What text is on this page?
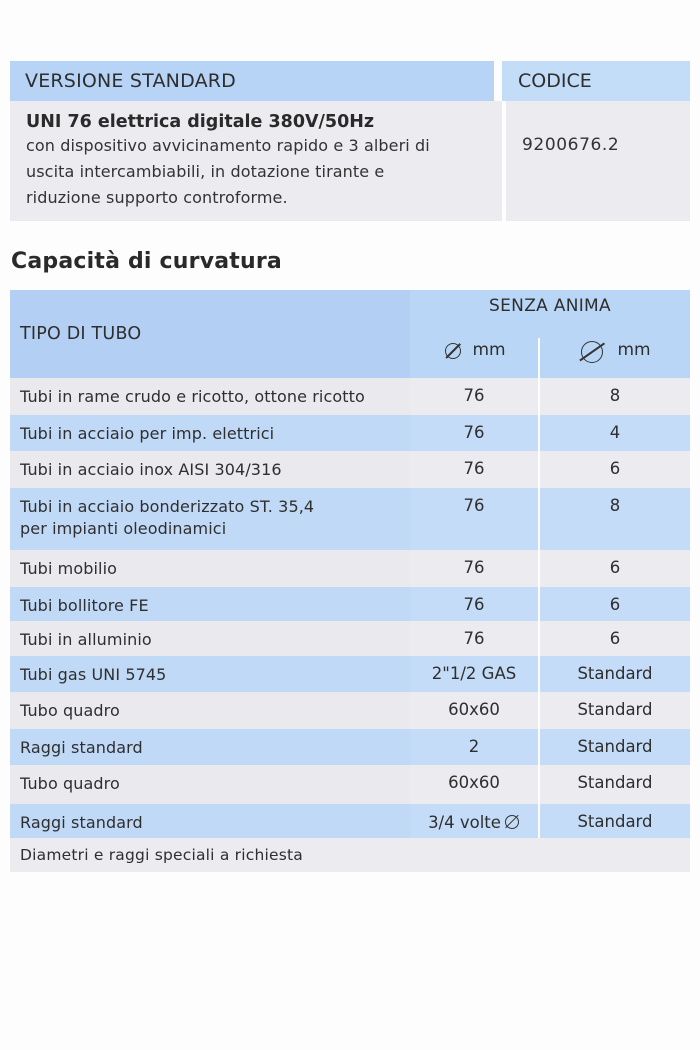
VERSIONE STANDARD	CODICE
UNI 76 elettrica digitale 380V/50Hz
con dispositivo avvicinamento rapido e 3 alberi di
uscita intercambiabili, in dotazione tirante e
riduzione supporto controforme.
9200676.2
Capacità di curvatura
TIPO DI TUBO
SENZA ANIMA
mm	mm
Tubi in rame crudo e ricotto, ottone ricotto	76	8
Tubi in acciaio per imp. elettrici	76	4
Tubi in acciaio inox AISI 304/316	76	6
Tubi in acciaio bonderizzato ST. 35,4
per impianti oleodinamici
76	8
Tubi mobilio	76	6
Tubi bollitore FE	76	6
Tubi in alluminio	76	6
Tubi gas UNI 5745	2"1/2 GAS	Standard
Tubo quadro	60x60	Standard
Raggi standard	2	Standard
Tubo quadro	60x60	Standard
Raggi standard	3/4 volte	Standard
Diametri e raggi speciali a richiesta
